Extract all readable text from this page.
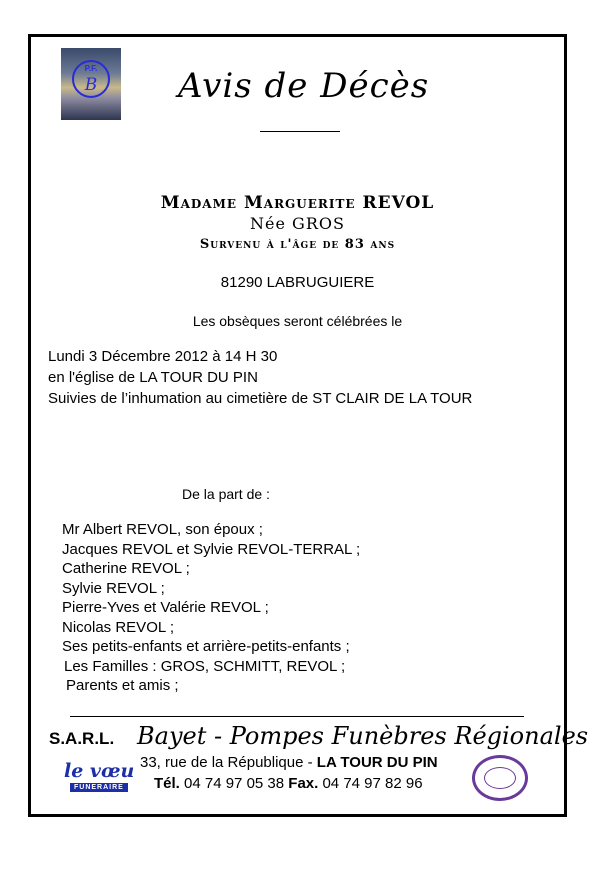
P.F.
B	Avis de Décès
Madame Marguerite REVOL
Née GROS
Survenu à l'âge de 83 ans
81290 LABRUGUIERE
Les obsèques seront célébrées le
Lundi 3 Décembre 2012 à 14 H 30
en l'église de LA TOUR DU PIN
Suivies de l’inhumation au cimetière de ST CLAIR DE LA TOUR
De la part de :
Mr Albert REVOL, son époux ;
Jacques REVOL et Sylvie REVOL-TERRAL ;
Catherine REVOL ;
Sylvie REVOL ;
Pierre-Yves et Valérie REVOL ;
Nicolas REVOL ;
Ses petits-enfants et arrière-petits-enfants ;
Les Familles : GROS, SCHMITT, REVOL ;
Parents et amis ;
S.A.R.L. Bayet - Pompes Funèbres Régionales
33, rue de la République - LA TOUR DU PIN
Tél. 04 74 97 05 38 Fax. 04 74 97 82 96
le vœu
FUNERAIRE
